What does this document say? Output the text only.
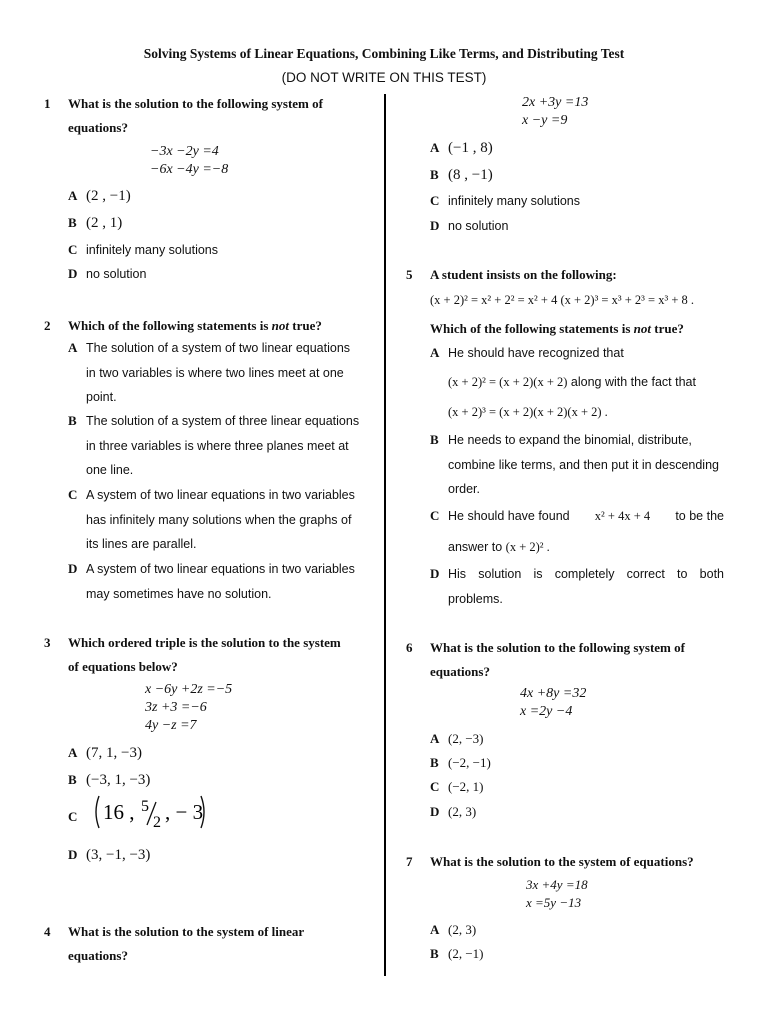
Solving Systems of Linear Equations, Combining Like Terms, and Distributing Test
(DO NOT WRITE ON THIS TEST)
1 What is the solution to the following system of
equations?
−3x −2y =4
−6x −4y =−8
A (2 , −1)
B (2 , 1)
C infinitely many solutions
D no solution
2 Which of the following statements is not true?
A The solution of a system of two linear equations
in two variables is where two lines meet at one
point.
B The solution of a system of three linear equations
in three variables is where three planes meet at
one line.
C A system of two linear equations in two variables
has infinitely many solutions when the graphs of
its lines are parallel.
D A system of two linear equations in two variables
may sometimes have no solution.
3 Which ordered triple is the solution to the system
of equations below?
x −6y +2z =−5
3z +3 =−6
4y −z =7
A (7, 1, −3)
B (−3, 1, −3)
C 16 , 5
2 , − 3
D (3, −1, −3)
4 What is the solution to the system of linear
equations?
2x +3y =13
x −y =9
A (−1 , 8)
B (8 , −1)
C infinitely many solutions
D no solution
5 A student insists on the following:
(x + 2)² = x² + 2² = x² + 4 (x + 2)³ = x³ + 2³ = x³ + 8 .
Which of the following statements is not true?
A He should have recognized that
(x + 2)² = (x + 2)(x + 2) along with the fact that
(x + 2)³ = (x + 2)(x + 2)(x + 2) .
B He needs to expand the binomial, distribute,
combine like terms, and then put it in descending
order.
C He should have found x² + 4x + 4 to be the
answer to (x + 2)² .
D His solution is completely correct to both
problems.
6 What is the solution to the following system of
equations?
4x +8y =32
x =2y −4
A (2, −3)
B (−2, −1)
C (−2, 1)
D (2, 3)
7 What is the solution to the system of equations?
3x +4y =18
x =5y −13
A (2, 3)
B (2, −1)
